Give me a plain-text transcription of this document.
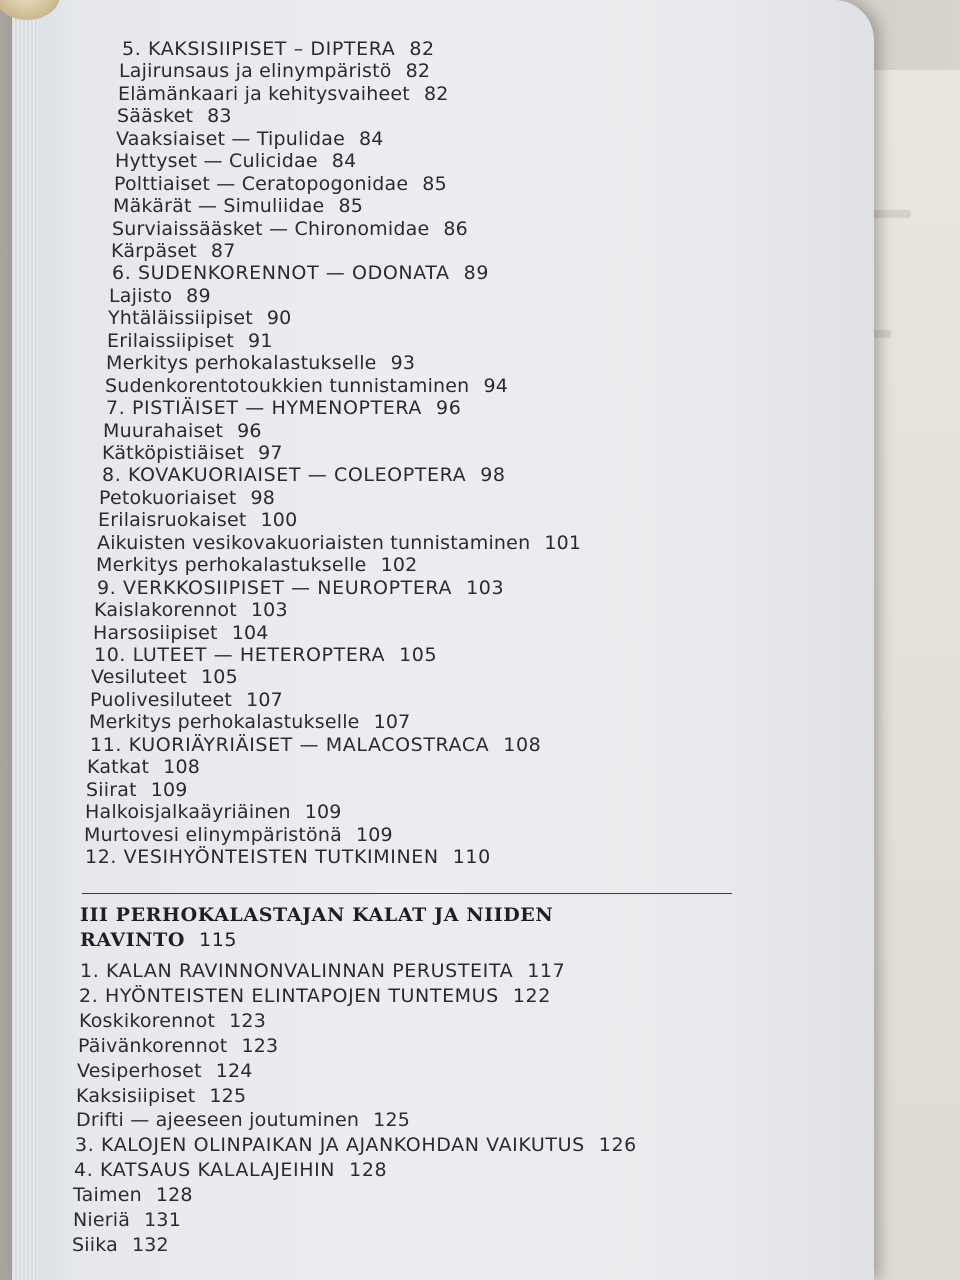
5. KAKSISIIPISET – DIPTERA 82
Lajirunsaus ja elinympäristö 82
Elämänkaari ja kehitysvaiheet 82
Sääsket 83
Vaaksiaiset — Tipulidae 84
Hyttyset — Culicidae 84
Polttiaiset — Ceratopogonidae 85
Mäkärät — Simuliidae 85
Surviaissääsket — Chironomidae 86
Kärpäset 87
6. SUDENKORENNOT — ODONATA 89
Lajisto 89
Yhtäläissiipiset 90
Erilaissiipiset 91
Merkitys perhokalastukselle 93
Sudenkorentotoukkien tunnistaminen 94
7. PISTIÄISET — HYMENOPTERA 96
Muurahaiset 96
Kätköpistiäiset 97
8. KOVAKUORIAISET — COLEOPTERA 98
Petokuoriaiset 98
Erilaisruokaiset 100
Aikuisten vesikovakuoriaisten tunnistaminen 101
Merkitys perhokalastukselle 102
9. VERKKOSIIPISET — NEUROPTERA 103
Kaislakorennot 103
Harsosiipiset 104
10. LUTEET — HETEROPTERA 105
Vesiluteet 105
Puolivesiluteet 107
Merkitys perhokalastukselle 107
11. KUORIÄYRIÄISET — MALACOSTRACA 108
Katkat 108
Siirat 109
Halkoisjalkaäyriäinen 109
Murtovesi elinympäristönä 109
12. VESIHYÖNTEISTEN TUTKIMINEN 110
1. KALAN RAVINNONVALINNAN PERUSTEITA 117
2. HYÖNTEISTEN ELINTAPOJEN TUNTEMUS 122
Koskikorennot 123
Päivänkorennot 123
Vesiperhoset 124
Kaksisiipiset 125
Drifti — ajeeseen joutuminen 125
3. KALOJEN OLINPAIKAN JA AJANKOHDAN VAIKUTUS 126
4. KATSAUS KALALAJEIHIN 128
Taimen 128
Nieriä 131
Siika 132
III PERHOKALASTAJAN KALAT JA NIIDEN
RAVINTO 115
